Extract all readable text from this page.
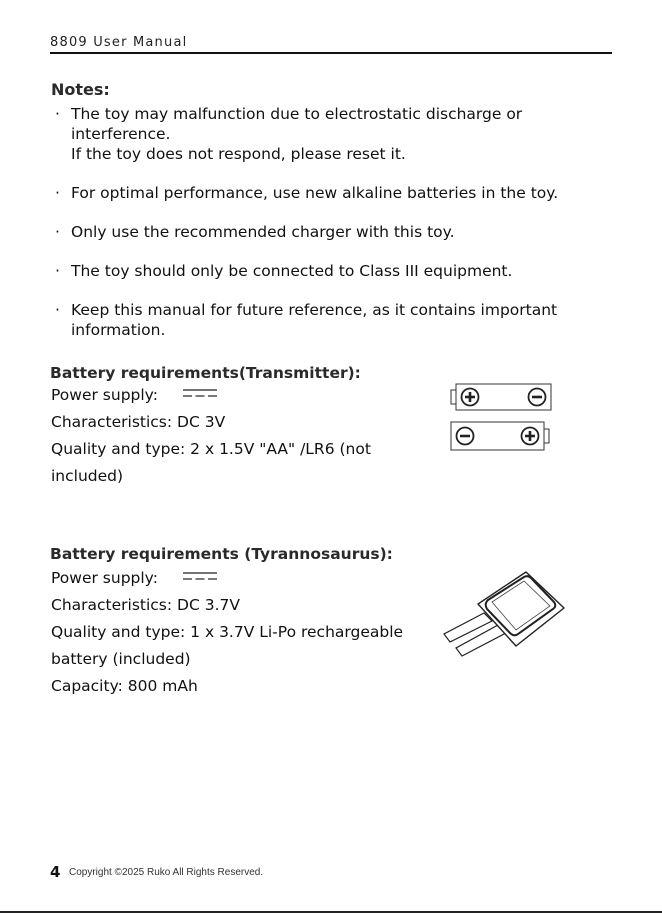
8809 User Manual
Notes:
· The toy may malfunction due to electrostatic discharge or interference.
If the toy does not respond, please reset it.
· For optimal performance, use new alkaline batteries in the toy.
· Only use the recommended charger with this toy.
· The toy should only be connected to Class III equipment.
· Keep this manual for future reference, as it contains important
information.
Battery requirements(Transmitter):

Power supply:

Characteristics: DC 3V

Quality and type: 2 x 1.5V "AA" /LR6 (not

included)

Battery requirements (Tyrannosaurus):

Power supply:

Characteristics: DC 3.7V

Quality and type: 1 x 3.7V Li-Po rechargeable

battery (included)

Capacity: 800 mAh

4 Copyright ©2025 Ruko All Rights Reserved.
